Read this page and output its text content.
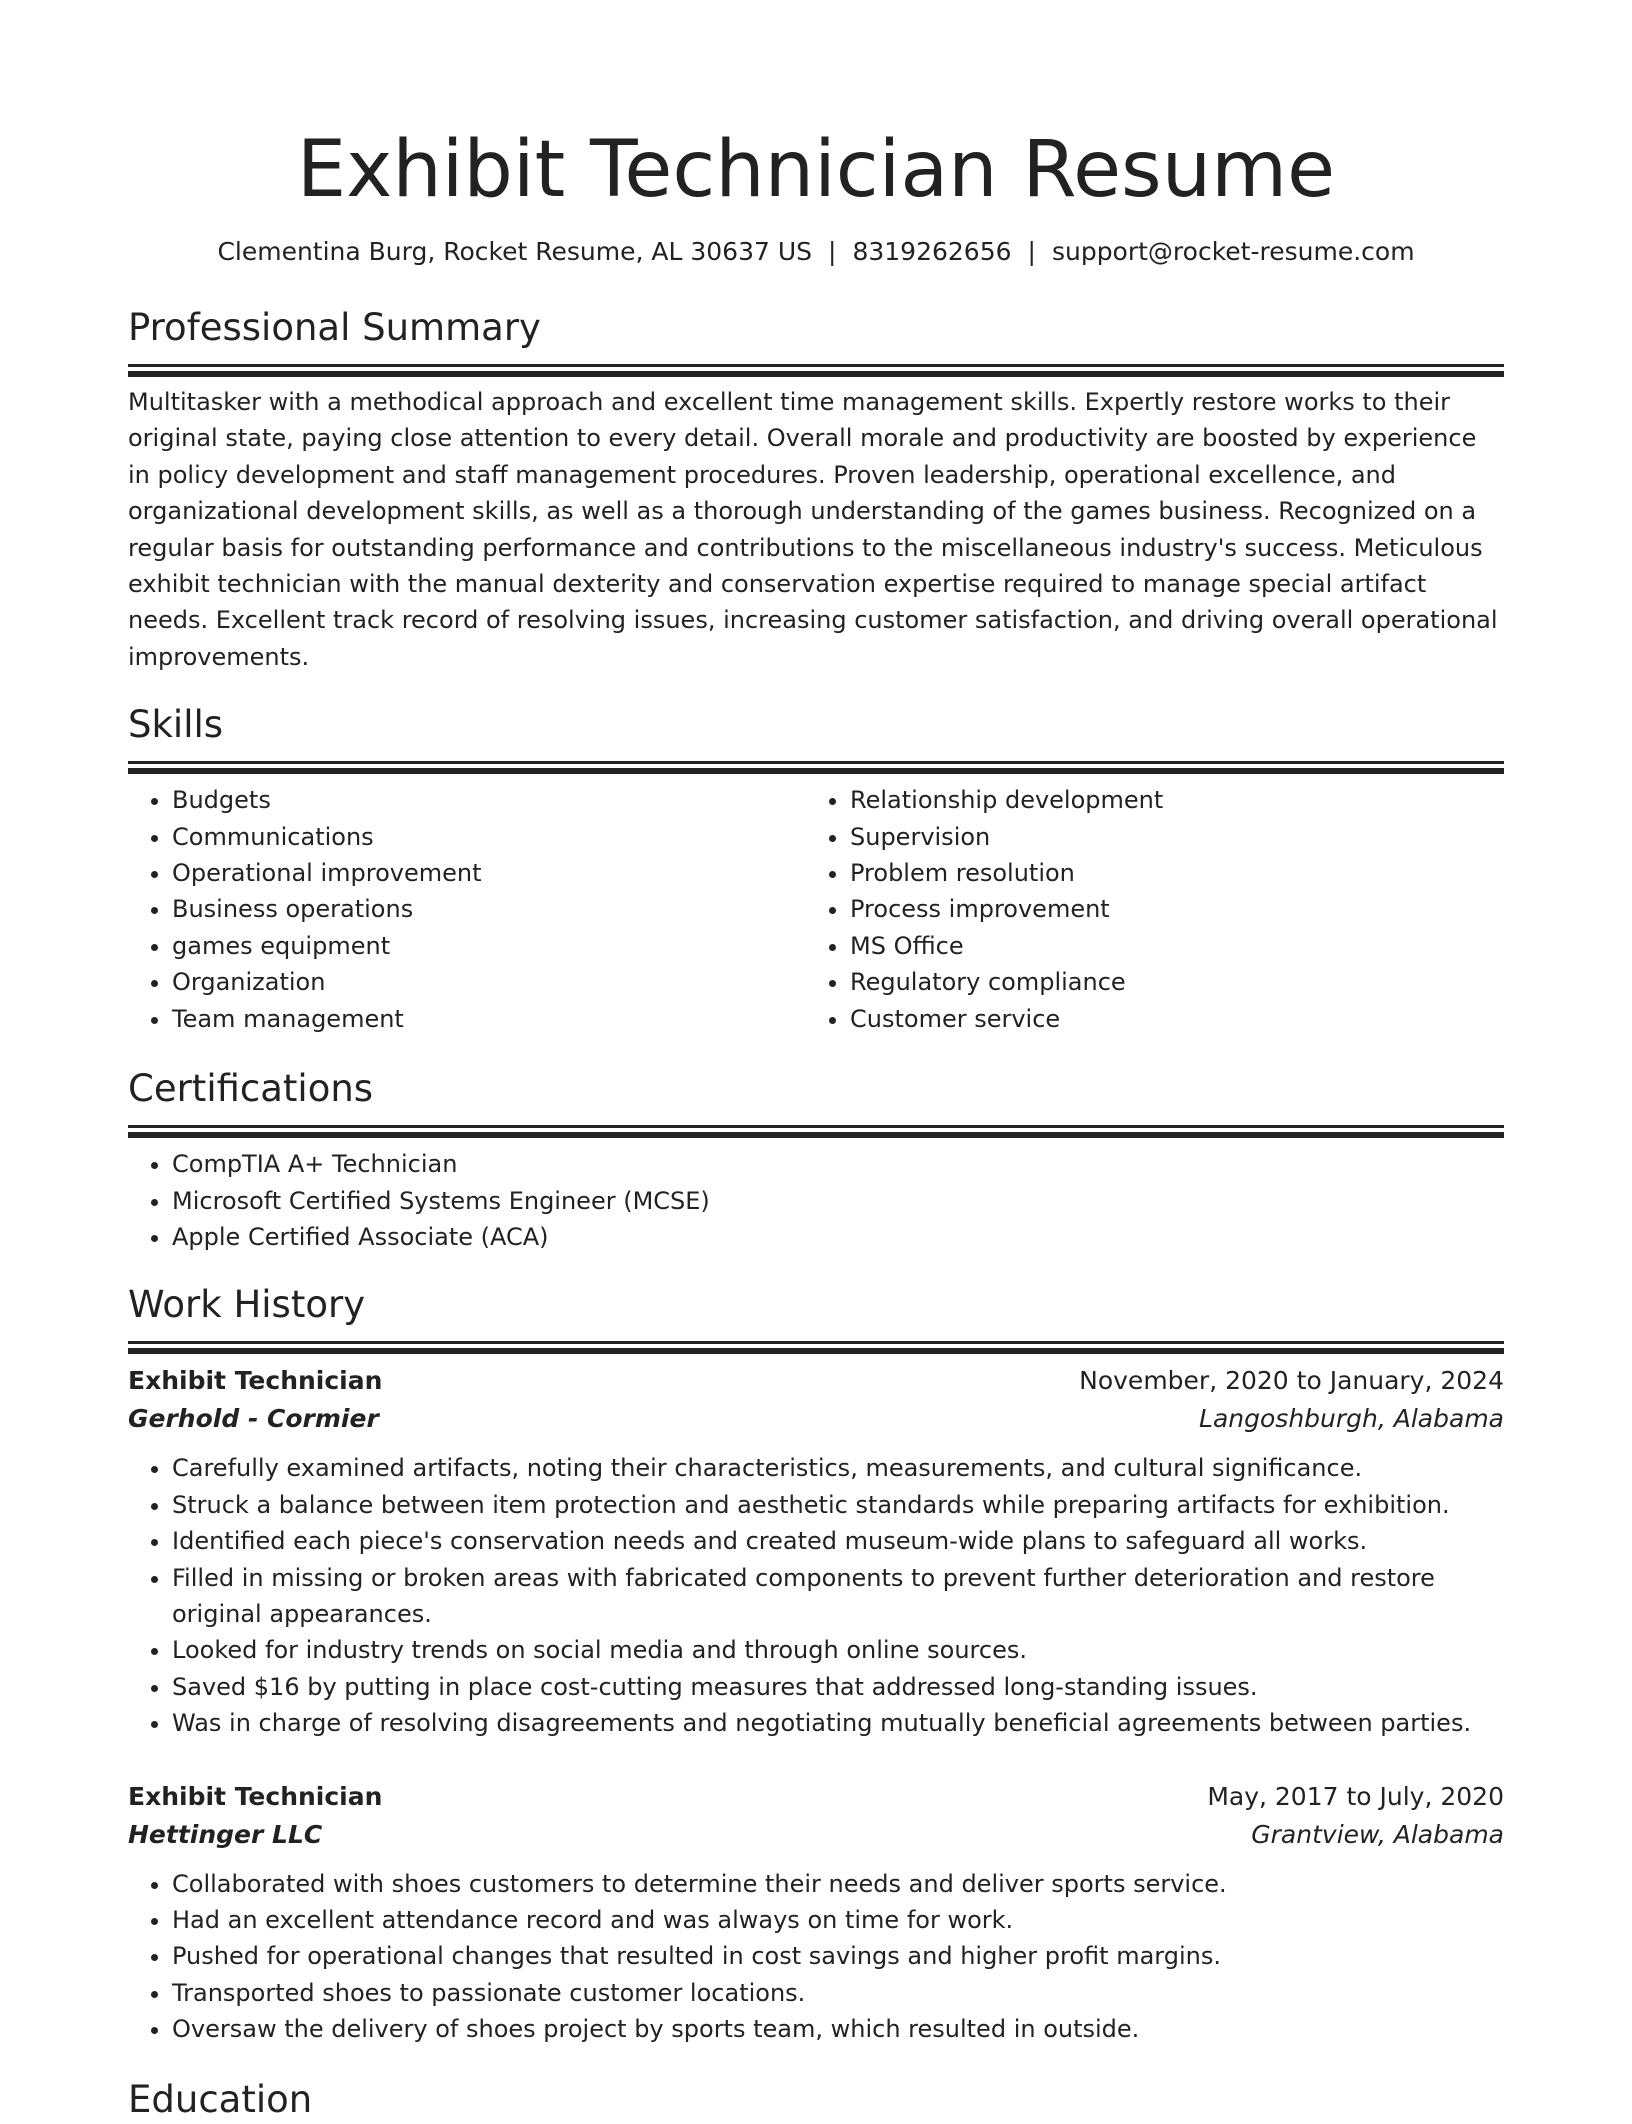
Exhibit Technician Resume
Clementina Burg, Rocket Resume, AL 30637 US | 8319262656 | support@rocket-resume.com
Professional Summary

Multitasker with a methodical approach and excellent time management skills. Expertly restore works to their original state, paying close attention to every detail. Overall morale and productivity are boosted by experience in policy development and staff management procedures. Proven leadership, operational excellence, and organizational development skills, as well as a thorough understanding of the games business. Recognized on a regular basis for outstanding performance and contributions to the miscellaneous industry's success. Meticulous exhibit technician with the manual dexterity and conservation expertise required to manage special artifact needs. Excellent track record of resolving issues, increasing customer satisfaction, and driving overall operational improvements.

Skills
• Budgets
• Communications
• Operational improvement
• Business operations
• games equipment
• Organization
• Team management
• Relationship development
• Supervision
• Problem resolution
• Process improvement
• MS Office
• Regulatory compliance
• Customer service
Certifications
• CompTIA A+ Technician
• Microsoft Certified Systems Engineer (MCSE)
• Apple Certified Associate (ACA)
Work History
Exhibit Technician	November, 2020 to January, 2024
Gerhold - Cormier	Langoshburgh, Alabama
• Carefully examined artifacts, noting their characteristics, measurements, and cultural significance.
• Struck a balance between item protection and aesthetic standards while preparing artifacts for exhibition.
• Identified each piece's conservation needs and created museum-wide plans to safeguard all works.
• Filled in missing or broken areas with fabricated components to prevent further deterioration and restore original appearances.
• Looked for industry trends on social media and through online sources.
• Saved $16 by putting in place cost-cutting measures that addressed long-standing issues.
• Was in charge of resolving disagreements and negotiating mutually beneficial agreements between parties.
Exhibit Technician	May, 2017 to July, 2020
Hettinger LLC	Grantview, Alabama
• Collaborated with shoes customers to determine their needs and deliver sports service.
• Had an excellent attendance record and was always on time for work.
• Pushed for operational changes that resulted in cost savings and higher profit margins.
• Transported shoes to passionate customer locations.
• Oversaw the delivery of shoes project by sports team, which resulted in outside.
Education
